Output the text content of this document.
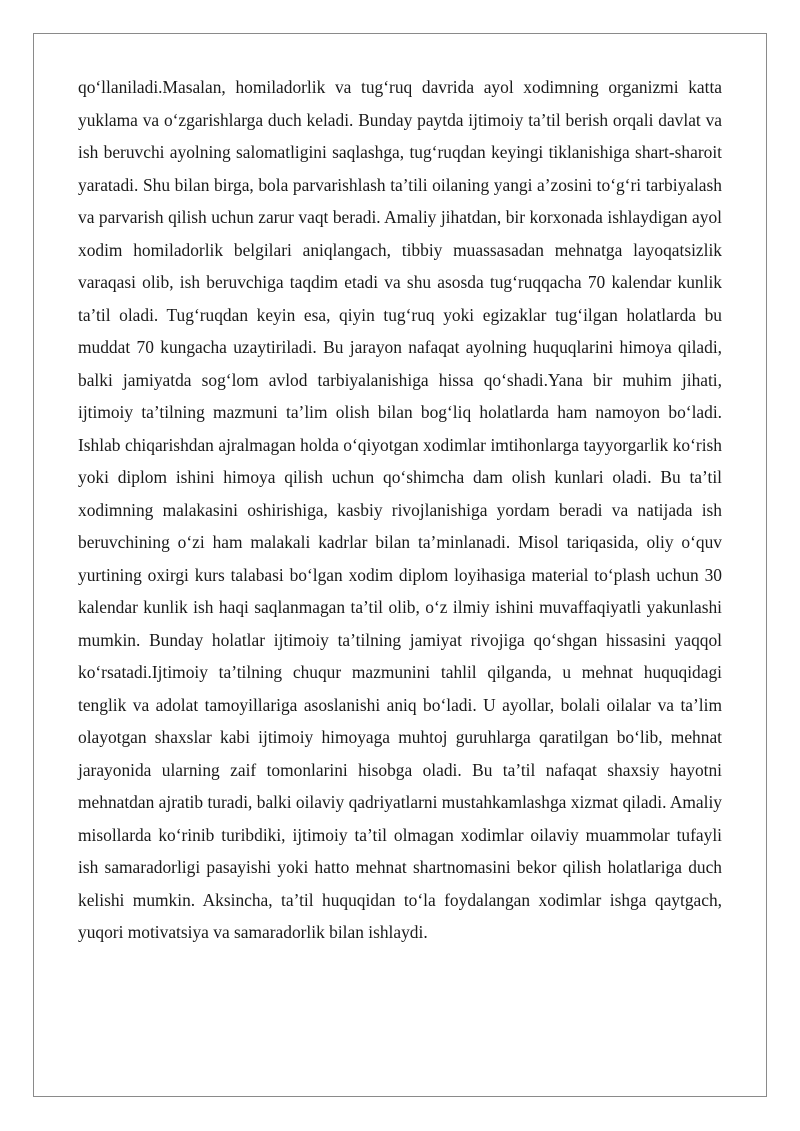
qo‘llaniladi.Masalan, homiladorlik va tug‘ruq davrida ayol xodimning organizmi katta yuklama va o‘zgarishlarga duch keladi. Bunday paytda ijtimoiy ta’til berish orqali davlat va ish beruvchi ayolning salomatligini saqlashga, tug‘ruqdan keyingi tiklanishiga shart-sharoit yaratadi. Shu bilan birga, bola parvarishlash ta’tili oilaning yangi a’zosini to‘g‘ri tarbiyalash va parvarish qilish uchun zarur vaqt beradi. Amaliy jihatdan, bir korxonada ishlaydigan ayol xodim homiladorlik belgilari aniqlangach, tibbiy muassasadan mehnatga layoqatsizlik varaqasi olib, ish beruvchiga taqdim etadi va shu asosda tug‘ruqqacha 70 kalendar kunlik ta’til oladi. Tug‘ruqdan keyin esa, qiyin tug‘ruq yoki egizaklar tug‘ilgan holatlarda bu muddat 70 kungacha uzaytiriladi. Bu jarayon nafaqat ayolning huquqlarini himoya qiladi, balki jamiyatda sog‘lom avlod tarbiyalanishiga hissa qo‘shadi.Yana bir muhim jihati, ijtimoiy ta’tilning mazmuni ta’lim olish bilan bog‘liq holatlarda ham namoyon bo‘ladi. Ishlab chiqarishdan ajralmagan holda o‘qiyotgan xodimlar imtihonlarga tayyorgarlik ko‘rish yoki diplom ishini himoya qilish uchun qo‘shimcha dam olish kunlari oladi. Bu ta’til xodimning malakasini oshirishiga, kasbiy rivojlanishiga yordam beradi va natijada ish beruvchining o‘zi ham malakali kadrlar bilan ta’minlanadi. Misol tariqasida, oliy o‘quv yurtining oxirgi kurs talabasi bo‘lgan xodim diplom loyihasiga material to‘plash uchun 30 kalendar kunlik ish haqi saqlanmagan ta’til olib, o‘z ilmiy ishini muvaffaqiyatli yakunlashi mumkin. Bunday holatlar ijtimoiy ta’tilning jamiyat rivojiga qo‘shgan hissasini yaqqol ko‘rsatadi.Ijtimoiy ta’tilning chuqur mazmunini tahlil qilganda, u mehnat huquqidagi tenglik va adolat tamoyillariga asoslanishi aniq bo‘ladi. U ayollar, bolali oilalar va ta’lim olayotgan shaxslar kabi ijtimoiy himoyaga muhtoj guruhlarga qaratilgan bo‘lib, mehnat jarayonida ularning zaif tomonlarini hisobga oladi. Bu ta’til nafaqat shaxsiy hayotni mehnatdan ajratib turadi, balki oilaviy qadriyatlarni mustahkamlashga xizmat qiladi. Amaliy misollarda ko‘rinib turibdiki, ijtimoiy ta’til olmagan xodimlar oilaviy muammolar tufayli ish samaradorligi pasayishi yoki hatto mehnat shartnomasini bekor qilish holatlariga duch kelishi mumkin. Aksincha, ta’til huquqidan to‘la foydalangan xodimlar ishga qaytgach, yuqori motivatsiya va samaradorlik bilan ishlaydi.
